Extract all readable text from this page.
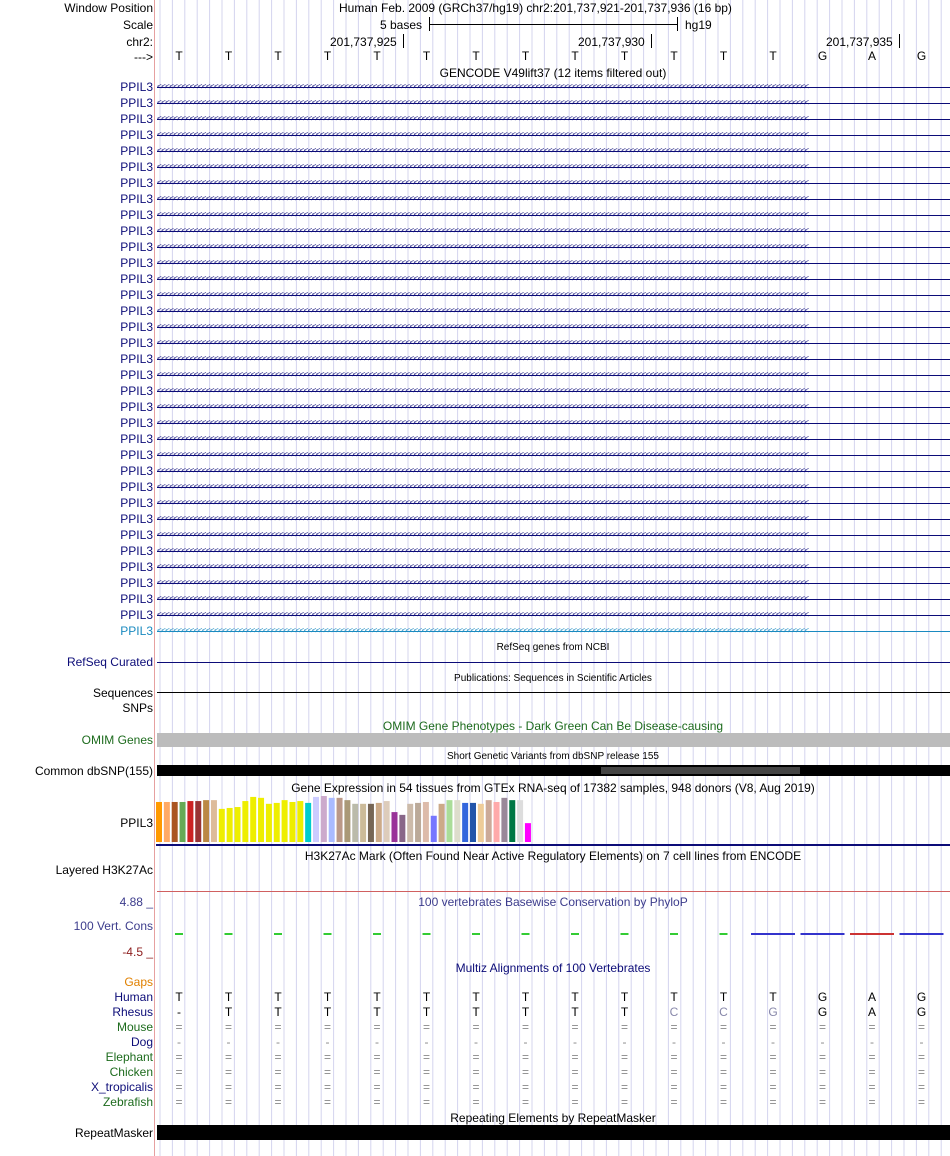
Window Position
Scale
chr2:
--->
Human Feb. 2009 (GRCh37/hg19) chr2:201,737,921-201,737,936 (16 bp)
5 bases	hg19
201,737,925	201,737,930	201,737,935
T	T	T	T	T	T	T	T	T	T	T	T	T	G	A	G
GENCODE V49lift37 (12 items filtered out)
PPIL3 <<<<<<<<<<<<<<<<<<<<<<<<<<<<<<<<<<<<<<<<<<<<<<<<<<<<<<<<<<<<<<<<<<<<<<<<<<<<<<<<<<<<<<<<<<<<<<<<<<<<<<<<<<<<<<<<<<<<<<<<<<<<<<<<<<<<<<<<<<<<<<<<<<<<<<<<<<<<<<<<
PPIL3 <<<<<<<<<<<<<<<<<<<<<<<<<<<<<<<<<<<<<<<<<<<<<<<<<<<<<<<<<<<<<<<<<<<<<<<<<<<<<<<<<<<<<<<<<<<<<<<<<<<<<<<<<<<<<<<<<<<<<<<<<<<<<<<<<<<<<<<<<<<<<<<<<<<<<<<<<<<<<<<<
PPIL3 <<<<<<<<<<<<<<<<<<<<<<<<<<<<<<<<<<<<<<<<<<<<<<<<<<<<<<<<<<<<<<<<<<<<<<<<<<<<<<<<<<<<<<<<<<<<<<<<<<<<<<<<<<<<<<<<<<<<<<<<<<<<<<<<<<<<<<<<<<<<<<<<<<<<<<<<<<<<<<<<
PPIL3 <<<<<<<<<<<<<<<<<<<<<<<<<<<<<<<<<<<<<<<<<<<<<<<<<<<<<<<<<<<<<<<<<<<<<<<<<<<<<<<<<<<<<<<<<<<<<<<<<<<<<<<<<<<<<<<<<<<<<<<<<<<<<<<<<<<<<<<<<<<<<<<<<<<<<<<<<<<<<<<<
PPIL3 <<<<<<<<<<<<<<<<<<<<<<<<<<<<<<<<<<<<<<<<<<<<<<<<<<<<<<<<<<<<<<<<<<<<<<<<<<<<<<<<<<<<<<<<<<<<<<<<<<<<<<<<<<<<<<<<<<<<<<<<<<<<<<<<<<<<<<<<<<<<<<<<<<<<<<<<<<<<<<<<
PPIL3 <<<<<<<<<<<<<<<<<<<<<<<<<<<<<<<<<<<<<<<<<<<<<<<<<<<<<<<<<<<<<<<<<<<<<<<<<<<<<<<<<<<<<<<<<<<<<<<<<<<<<<<<<<<<<<<<<<<<<<<<<<<<<<<<<<<<<<<<<<<<<<<<<<<<<<<<<<<<<<<<
PPIL3 <<<<<<<<<<<<<<<<<<<<<<<<<<<<<<<<<<<<<<<<<<<<<<<<<<<<<<<<<<<<<<<<<<<<<<<<<<<<<<<<<<<<<<<<<<<<<<<<<<<<<<<<<<<<<<<<<<<<<<<<<<<<<<<<<<<<<<<<<<<<<<<<<<<<<<<<<<<<<<<<
PPIL3 <<<<<<<<<<<<<<<<<<<<<<<<<<<<<<<<<<<<<<<<<<<<<<<<<<<<<<<<<<<<<<<<<<<<<<<<<<<<<<<<<<<<<<<<<<<<<<<<<<<<<<<<<<<<<<<<<<<<<<<<<<<<<<<<<<<<<<<<<<<<<<<<<<<<<<<<<<<<<<<<
PPIL3 <<<<<<<<<<<<<<<<<<<<<<<<<<<<<<<<<<<<<<<<<<<<<<<<<<<<<<<<<<<<<<<<<<<<<<<<<<<<<<<<<<<<<<<<<<<<<<<<<<<<<<<<<<<<<<<<<<<<<<<<<<<<<<<<<<<<<<<<<<<<<<<<<<<<<<<<<<<<<<<<
PPIL3 <<<<<<<<<<<<<<<<<<<<<<<<<<<<<<<<<<<<<<<<<<<<<<<<<<<<<<<<<<<<<<<<<<<<<<<<<<<<<<<<<<<<<<<<<<<<<<<<<<<<<<<<<<<<<<<<<<<<<<<<<<<<<<<<<<<<<<<<<<<<<<<<<<<<<<<<<<<<<<<<
PPIL3 <<<<<<<<<<<<<<<<<<<<<<<<<<<<<<<<<<<<<<<<<<<<<<<<<<<<<<<<<<<<<<<<<<<<<<<<<<<<<<<<<<<<<<<<<<<<<<<<<<<<<<<<<<<<<<<<<<<<<<<<<<<<<<<<<<<<<<<<<<<<<<<<<<<<<<<<<<<<<<<<
PPIL3 <<<<<<<<<<<<<<<<<<<<<<<<<<<<<<<<<<<<<<<<<<<<<<<<<<<<<<<<<<<<<<<<<<<<<<<<<<<<<<<<<<<<<<<<<<<<<<<<<<<<<<<<<<<<<<<<<<<<<<<<<<<<<<<<<<<<<<<<<<<<<<<<<<<<<<<<<<<<<<<<
PPIL3 <<<<<<<<<<<<<<<<<<<<<<<<<<<<<<<<<<<<<<<<<<<<<<<<<<<<<<<<<<<<<<<<<<<<<<<<<<<<<<<<<<<<<<<<<<<<<<<<<<<<<<<<<<<<<<<<<<<<<<<<<<<<<<<<<<<<<<<<<<<<<<<<<<<<<<<<<<<<<<<<
PPIL3 <<<<<<<<<<<<<<<<<<<<<<<<<<<<<<<<<<<<<<<<<<<<<<<<<<<<<<<<<<<<<<<<<<<<<<<<<<<<<<<<<<<<<<<<<<<<<<<<<<<<<<<<<<<<<<<<<<<<<<<<<<<<<<<<<<<<<<<<<<<<<<<<<<<<<<<<<<<<<<<<
PPIL3 <<<<<<<<<<<<<<<<<<<<<<<<<<<<<<<<<<<<<<<<<<<<<<<<<<<<<<<<<<<<<<<<<<<<<<<<<<<<<<<<<<<<<<<<<<<<<<<<<<<<<<<<<<<<<<<<<<<<<<<<<<<<<<<<<<<<<<<<<<<<<<<<<<<<<<<<<<<<<<<<
PPIL3 <<<<<<<<<<<<<<<<<<<<<<<<<<<<<<<<<<<<<<<<<<<<<<<<<<<<<<<<<<<<<<<<<<<<<<<<<<<<<<<<<<<<<<<<<<<<<<<<<<<<<<<<<<<<<<<<<<<<<<<<<<<<<<<<<<<<<<<<<<<<<<<<<<<<<<<<<<<<<<<<
PPIL3 <<<<<<<<<<<<<<<<<<<<<<<<<<<<<<<<<<<<<<<<<<<<<<<<<<<<<<<<<<<<<<<<<<<<<<<<<<<<<<<<<<<<<<<<<<<<<<<<<<<<<<<<<<<<<<<<<<<<<<<<<<<<<<<<<<<<<<<<<<<<<<<<<<<<<<<<<<<<<<<<
PPIL3 <<<<<<<<<<<<<<<<<<<<<<<<<<<<<<<<<<<<<<<<<<<<<<<<<<<<<<<<<<<<<<<<<<<<<<<<<<<<<<<<<<<<<<<<<<<<<<<<<<<<<<<<<<<<<<<<<<<<<<<<<<<<<<<<<<<<<<<<<<<<<<<<<<<<<<<<<<<<<<<<
PPIL3 <<<<<<<<<<<<<<<<<<<<<<<<<<<<<<<<<<<<<<<<<<<<<<<<<<<<<<<<<<<<<<<<<<<<<<<<<<<<<<<<<<<<<<<<<<<<<<<<<<<<<<<<<<<<<<<<<<<<<<<<<<<<<<<<<<<<<<<<<<<<<<<<<<<<<<<<<<<<<<<<
PPIL3 <<<<<<<<<<<<<<<<<<<<<<<<<<<<<<<<<<<<<<<<<<<<<<<<<<<<<<<<<<<<<<<<<<<<<<<<<<<<<<<<<<<<<<<<<<<<<<<<<<<<<<<<<<<<<<<<<<<<<<<<<<<<<<<<<<<<<<<<<<<<<<<<<<<<<<<<<<<<<<<<
PPIL3 <<<<<<<<<<<<<<<<<<<<<<<<<<<<<<<<<<<<<<<<<<<<<<<<<<<<<<<<<<<<<<<<<<<<<<<<<<<<<<<<<<<<<<<<<<<<<<<<<<<<<<<<<<<<<<<<<<<<<<<<<<<<<<<<<<<<<<<<<<<<<<<<<<<<<<<<<<<<<<<<
PPIL3 <<<<<<<<<<<<<<<<<<<<<<<<<<<<<<<<<<<<<<<<<<<<<<<<<<<<<<<<<<<<<<<<<<<<<<<<<<<<<<<<<<<<<<<<<<<<<<<<<<<<<<<<<<<<<<<<<<<<<<<<<<<<<<<<<<<<<<<<<<<<<<<<<<<<<<<<<<<<<<<<
PPIL3 <<<<<<<<<<<<<<<<<<<<<<<<<<<<<<<<<<<<<<<<<<<<<<<<<<<<<<<<<<<<<<<<<<<<<<<<<<<<<<<<<<<<<<<<<<<<<<<<<<<<<<<<<<<<<<<<<<<<<<<<<<<<<<<<<<<<<<<<<<<<<<<<<<<<<<<<<<<<<<<<
PPIL3 <<<<<<<<<<<<<<<<<<<<<<<<<<<<<<<<<<<<<<<<<<<<<<<<<<<<<<<<<<<<<<<<<<<<<<<<<<<<<<<<<<<<<<<<<<<<<<<<<<<<<<<<<<<<<<<<<<<<<<<<<<<<<<<<<<<<<<<<<<<<<<<<<<<<<<<<<<<<<<<<
PPIL3 <<<<<<<<<<<<<<<<<<<<<<<<<<<<<<<<<<<<<<<<<<<<<<<<<<<<<<<<<<<<<<<<<<<<<<<<<<<<<<<<<<<<<<<<<<<<<<<<<<<<<<<<<<<<<<<<<<<<<<<<<<<<<<<<<<<<<<<<<<<<<<<<<<<<<<<<<<<<<<<<
PPIL3 <<<<<<<<<<<<<<<<<<<<<<<<<<<<<<<<<<<<<<<<<<<<<<<<<<<<<<<<<<<<<<<<<<<<<<<<<<<<<<<<<<<<<<<<<<<<<<<<<<<<<<<<<<<<<<<<<<<<<<<<<<<<<<<<<<<<<<<<<<<<<<<<<<<<<<<<<<<<<<<<
PPIL3 <<<<<<<<<<<<<<<<<<<<<<<<<<<<<<<<<<<<<<<<<<<<<<<<<<<<<<<<<<<<<<<<<<<<<<<<<<<<<<<<<<<<<<<<<<<<<<<<<<<<<<<<<<<<<<<<<<<<<<<<<<<<<<<<<<<<<<<<<<<<<<<<<<<<<<<<<<<<<<<<
PPIL3 <<<<<<<<<<<<<<<<<<<<<<<<<<<<<<<<<<<<<<<<<<<<<<<<<<<<<<<<<<<<<<<<<<<<<<<<<<<<<<<<<<<<<<<<<<<<<<<<<<<<<<<<<<<<<<<<<<<<<<<<<<<<<<<<<<<<<<<<<<<<<<<<<<<<<<<<<<<<<<<<
PPIL3 <<<<<<<<<<<<<<<<<<<<<<<<<<<<<<<<<<<<<<<<<<<<<<<<<<<<<<<<<<<<<<<<<<<<<<<<<<<<<<<<<<<<<<<<<<<<<<<<<<<<<<<<<<<<<<<<<<<<<<<<<<<<<<<<<<<<<<<<<<<<<<<<<<<<<<<<<<<<<<<<
PPIL3 <<<<<<<<<<<<<<<<<<<<<<<<<<<<<<<<<<<<<<<<<<<<<<<<<<<<<<<<<<<<<<<<<<<<<<<<<<<<<<<<<<<<<<<<<<<<<<<<<<<<<<<<<<<<<<<<<<<<<<<<<<<<<<<<<<<<<<<<<<<<<<<<<<<<<<<<<<<<<<<<
PPIL3 <<<<<<<<<<<<<<<<<<<<<<<<<<<<<<<<<<<<<<<<<<<<<<<<<<<<<<<<<<<<<<<<<<<<<<<<<<<<<<<<<<<<<<<<<<<<<<<<<<<<<<<<<<<<<<<<<<<<<<<<<<<<<<<<<<<<<<<<<<<<<<<<<<<<<<<<<<<<<<<<
PPIL3 <<<<<<<<<<<<<<<<<<<<<<<<<<<<<<<<<<<<<<<<<<<<<<<<<<<<<<<<<<<<<<<<<<<<<<<<<<<<<<<<<<<<<<<<<<<<<<<<<<<<<<<<<<<<<<<<<<<<<<<<<<<<<<<<<<<<<<<<<<<<<<<<<<<<<<<<<<<<<<<<
PPIL3 <<<<<<<<<<<<<<<<<<<<<<<<<<<<<<<<<<<<<<<<<<<<<<<<<<<<<<<<<<<<<<<<<<<<<<<<<<<<<<<<<<<<<<<<<<<<<<<<<<<<<<<<<<<<<<<<<<<<<<<<<<<<<<<<<<<<<<<<<<<<<<<<<<<<<<<<<<<<<<<<
PPIL3 <<<<<<<<<<<<<<<<<<<<<<<<<<<<<<<<<<<<<<<<<<<<<<<<<<<<<<<<<<<<<<<<<<<<<<<<<<<<<<<<<<<<<<<<<<<<<<<<<<<<<<<<<<<<<<<<<<<<<<<<<<<<<<<<<<<<<<<<<<<<<<<<<<<<<<<<<<<<<<<<
PPIL3 <<<<<<<<<<<<<<<<<<<<<<<<<<<<<<<<<<<<<<<<<<<<<<<<<<<<<<<<<<<<<<<<<<<<<<<<<<<<<<<<<<<<<<<<<<<<<<<<<<<<<<<<<<<<<<<<<<<<<<<<<<<<<<<<<<<<<<<<<<<<<<<<<<<<<<<<<<<<<<<<
RefSeq genes from NCBI
RefSeq Curated
Publications: Sequences in Scientific Articles
Sequences
SNPs
OMIM Gene Phenotypes - Dark Green Can Be Disease-causing
OMIM Genes
Short Genetic Variants from dbSNP release 155
Common dbSNP(155)
Gene Expression in 54 tissues from GTEx RNA-seq of 17382 samples, 948 donors (V8, Aug 2019)
PPIL3
H3K27Ac Mark (Often Found Near Active Regulatory Elements) on 7 cell lines from ENCODE
Layered H3K27Ac
100 vertebrates Basewise Conservation by PhyloP
4.88 _
100 Vert. Cons
-4.5 _
Multiz Alignments of 100 Vertebrates
Gaps
Human	T	T	T	T	T	T	T	T	T	T	T	T	T	G	A	G
Rhesus	-	T	T	T	T	T	T	T	T	T	C	C	G	G	A	G
Mouse	=	=	=	=	=	=	=	=	=	=	=	=	=	=	=	=
Dog	-	-	-	-	-	-	-	-	-	-	-	-	-	-	-	-
Elephant	=	=	=	=	=	=	=	=	=	=	=	=	=	=	=	=
Chicken	=	=	=	=	=	=	=	=	=	=	=	=	=	=	=	=
X_tropicalis	=	=	=	=	=	=	=	=	=	=	=	=	=	=	=	=
Zebrafish	=	=	=	=	=	=	=	=	=	=	=	=	=	=	=	=
Repeating Elements by RepeatMasker
RepeatMasker
